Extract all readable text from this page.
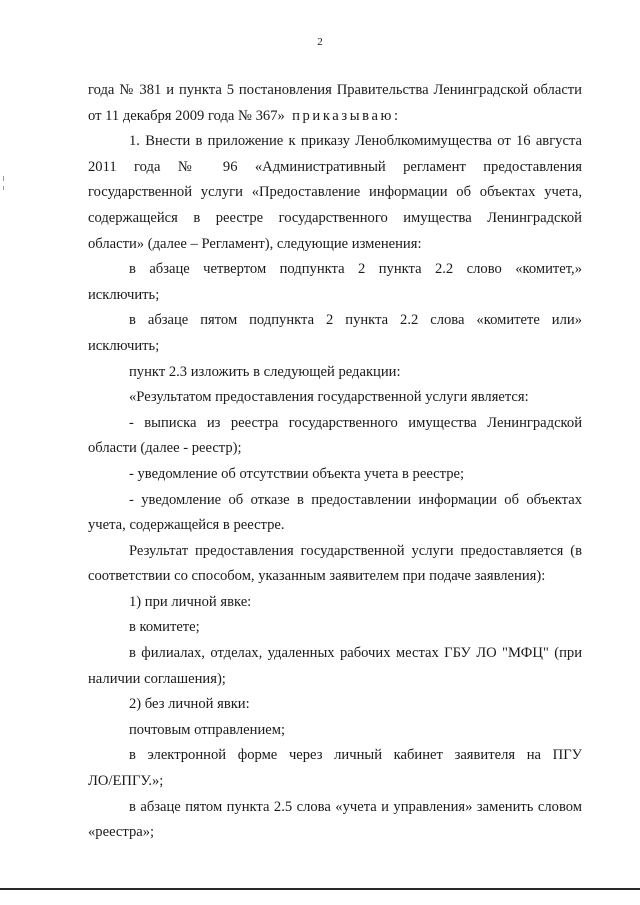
2

года № 381 и пункта 5 постановления Правительства Ленинградской области

от 11 декабря 2009 года № 367» приказываю:

1. Внести в приложение к приказу Леноблкомимущества от 16 августа

2011 года № 96 «Административный регламент предоставления

государственной услуги «Предоставление информации об объектах учета,

содержащейся в реестре государственного имущества Ленинградской

области» (далее – Регламент), следующие изменения:

в абзаце четвертом подпункта 2 пункта 2.2 слово «комитет,»

исключить;

в абзаце пятом подпункта 2 пункта 2.2 слова «комитете или»

исключить;

пункт 2.3 изложить в следующей редакции:

«Результатом предоставления государственной услуги является:

- выписка из реестра государственного имущества Ленинградской

области (далее - реестр);

- уведомление об отсутствии объекта учета в реестре;

- уведомление об отказе в предоставлении информации об объектах

учета, содержащейся в реестре.

Результат предоставления государственной услуги предоставляется (в

соответствии со способом, указанным заявителем при подаче заявления):

1) при личной явке:

в комитете;

в филиалах, отделах, удаленных рабочих местах ГБУ ЛО "МФЦ" (при

наличии соглашения);

2) без личной явки:

почтовым отправлением;

в электронной форме через личный кабинет заявителя на ПГУ

ЛО/ЕПГУ.»;

в абзаце пятом пункта 2.5 слова «учета и управления» заменить словом

«реестра»;
